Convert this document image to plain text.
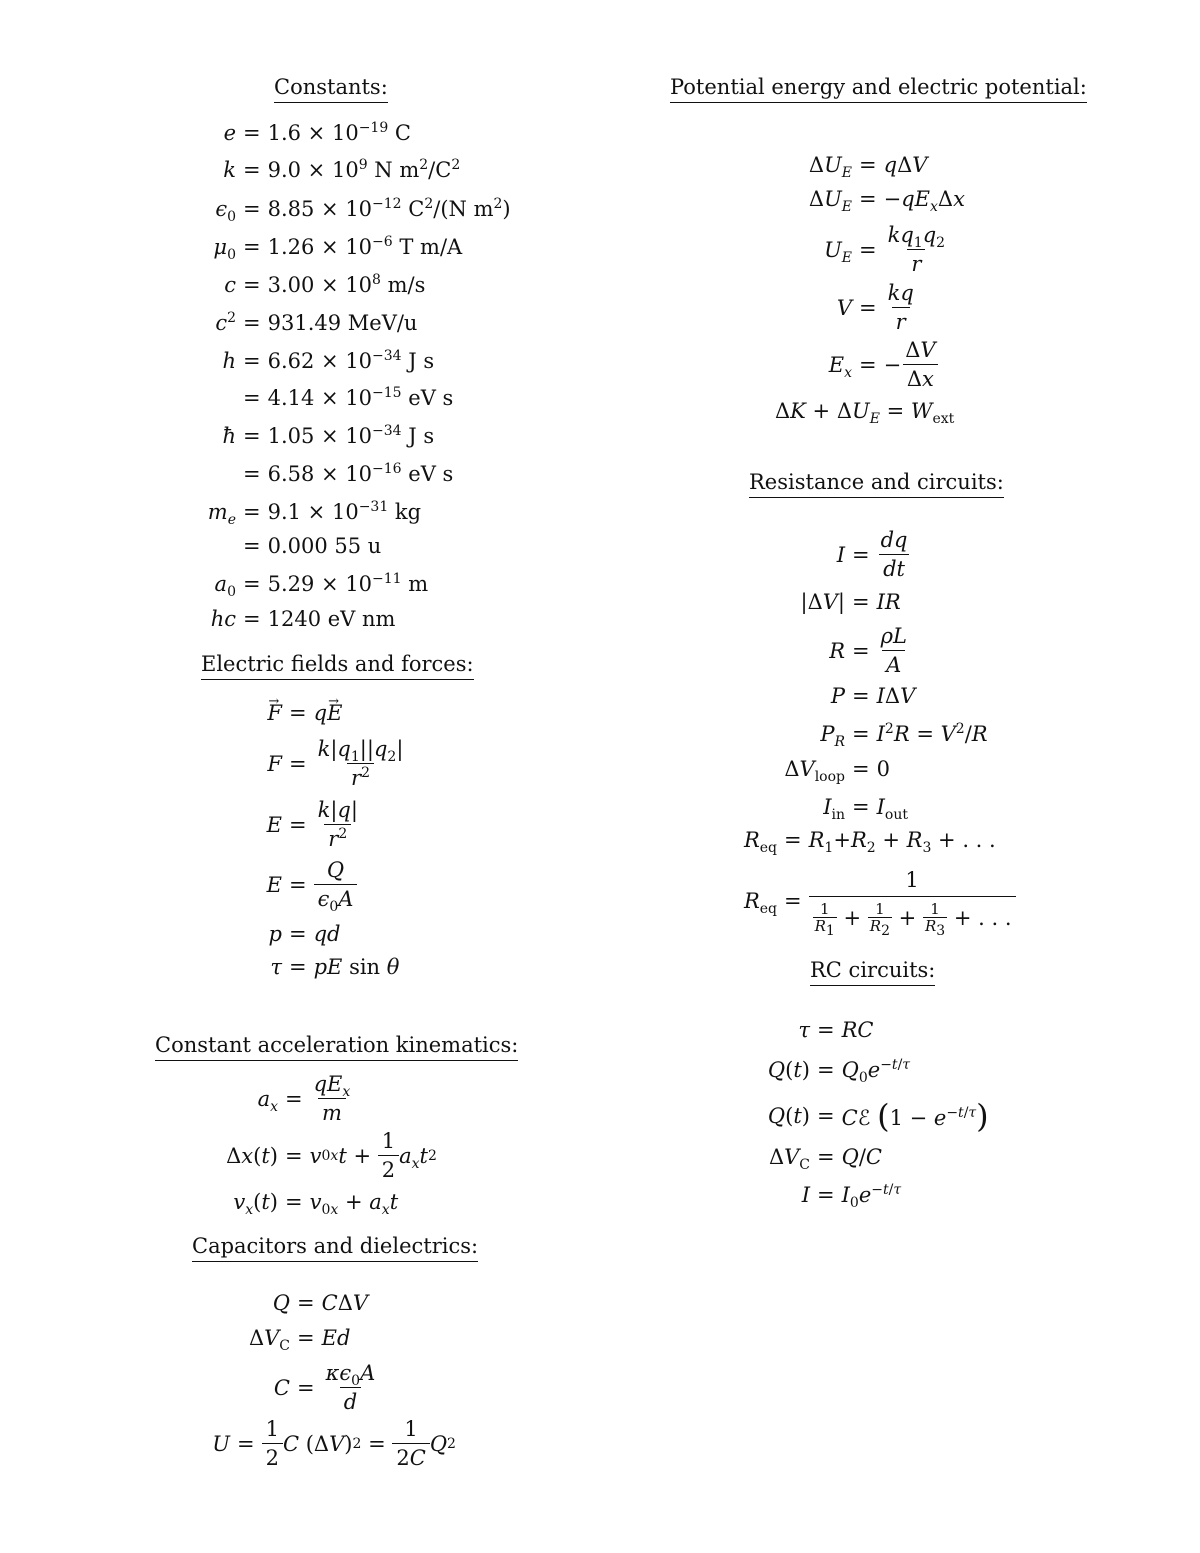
Constants:
$e = 1.6 \times 10^{-19}$ C
$k = 9.0 \times 10^9$ N $m^2/C^2$
$\epsilon_0 = 8.85 \times 10^{-12}$ $C^2/(N$ $m^2$)
$\mu_0 = 1.26 \times 10^{-6}$ T m/A
$c = 3.00 \times 10^8$ m/s
$c^2 = 931.49$ MeV/u
$h = 6.62 \times 10^{-34}$ J s
= $4.14 \times 10^{-15}$ eV s
ħ = $1.05 \times 10^{-34}$ J s
= $6.58 \times 10^{-16}$ eV s
$m_e = 9.1 \times 10^{-31}$ kg
= 0.000 55 u
$a_0 = 5.29 \times 10^{-11}$ m
hc = 1240 eV nm
Electric fields and forces:
→ F = q→ E
$F = \frac{k|q_1||q_2|}{r^2}$
$E = \frac{k|q|}{r^2}$
$E = \frac{Q}{\epsilon_0A}$
p = qd
τ = pE sin θ
Constant acceleration kinematics:
$a_x$ =
$qE_x$
m
Δx(t) = v 0x t +
1
2
$a_xt$ 2
$v_x(t) = v_{0x} + a_xt$
Capacitors and dielectrics:
Q = CΔV
$\Delta V_C = Ed$
$C = \frac{\kappa\epsilon_0A}{d}$
U =
1
2
C (Δ V ) 2 =
1
2C
Q 2
Potential energy and electric potential:
$\Delta U_E = q\Delta V$
$\Delta U_E = -qE_x\Delta x$
$U_E = \frac{kq_1q_2}{r}$
$V = \frac{kq}{r}$
$E_x$ = −
ΔV
Δx
$\Delta K + \Delta U_E = W_{ext}$
Resistance and circuits:
$I = \frac{dq}{dt}$
|ΔV| = IR
$R = \frac{\rho L}{A}$
P = IΔV
$P_R = I^2R = V^2/R$
$\Delta V_{loop} = 0$
$I_{in} = I_{out}$
$R_{eq} = R_1+R_2 + R_3$ + . . .
$R_{eq} = 1$
1
$R_1$
+ 1
$R_2$
+ 1
$R_3$
+ . . .
RC circuits:
τ = RC
$Q(t) = Q_0e^{-t/\tau}$
Q(t) = Cℰ $(1 - e^{-t/\tau})$
$\Delta V_C = Q/C$
$I = I_0e^{-t/\tau}$
